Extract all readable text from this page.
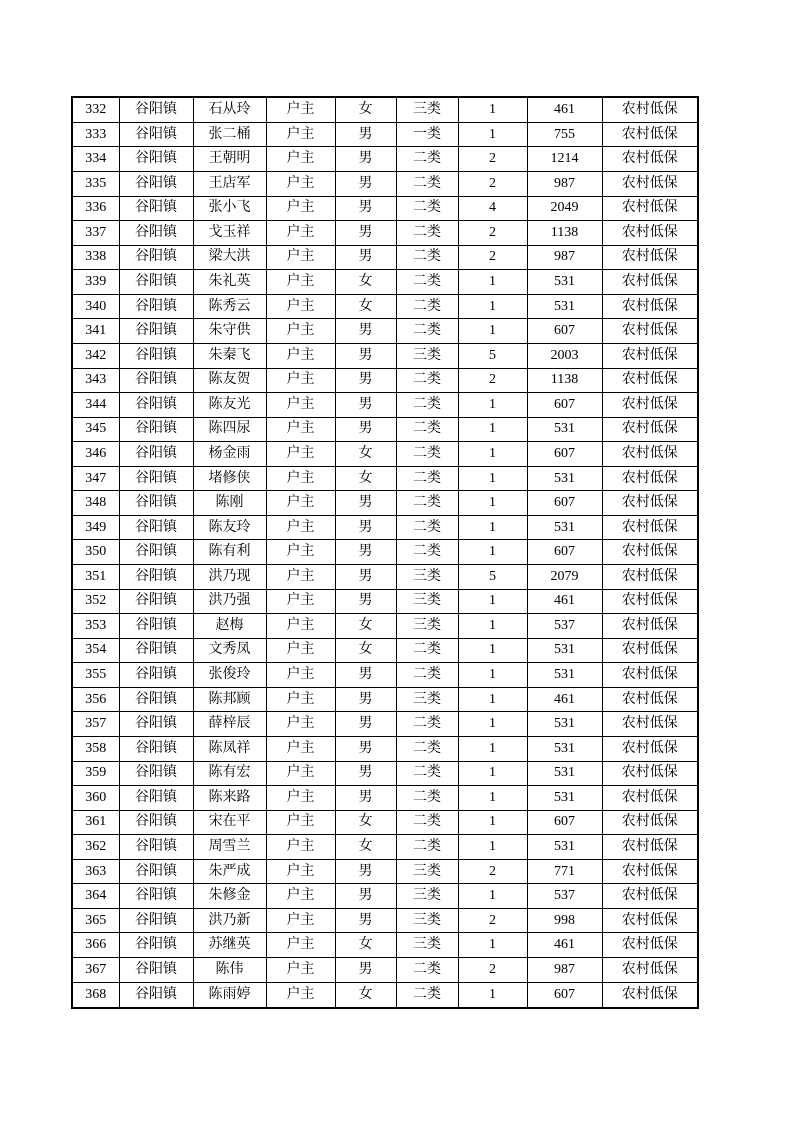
332	谷阳镇	石从玲	户主	女	三类	1	461	农村低保
333	谷阳镇	张二桶	户主	男	一类	1	755	农村低保
334	谷阳镇	王朝明	户主	男	二类	2	1214	农村低保
335	谷阳镇	王店军	户主	男	二类	2	987	农村低保
336	谷阳镇	张小飞	户主	男	二类	4	2049	农村低保
337	谷阳镇	戈玉祥	户主	男	二类	2	1138	农村低保
338	谷阳镇	梁大洪	户主	男	二类	2	987	农村低保
339	谷阳镇	朱礼英	户主	女	二类	1	531	农村低保
340	谷阳镇	陈秀云	户主	女	二类	1	531	农村低保
341	谷阳镇	朱守供	户主	男	二类	1	607	农村低保
342	谷阳镇	朱秦飞	户主	男	三类	5	2003	农村低保
343	谷阳镇	陈友贺	户主	男	二类	2	1138	农村低保
344	谷阳镇	陈友光	户主	男	二类	1	607	农村低保
345	谷阳镇	陈四尿	户主	男	二类	1	531	农村低保
346	谷阳镇	杨金雨	户主	女	二类	1	607	农村低保
347	谷阳镇	堵修侠	户主	女	二类	1	531	农村低保
348	谷阳镇	陈刚	户主	男	二类	1	607	农村低保
349	谷阳镇	陈友玲	户主	男	二类	1	531	农村低保
350	谷阳镇	陈有利	户主	男	二类	1	607	农村低保
351	谷阳镇	洪乃现	户主	男	三类	5	2079	农村低保
352	谷阳镇	洪乃强	户主	男	三类	1	461	农村低保
353	谷阳镇	赵梅	户主	女	三类	1	537	农村低保
354	谷阳镇	文秀凤	户主	女	二类	1	531	农村低保
355	谷阳镇	张俊玲	户主	男	二类	1	531	农村低保
356	谷阳镇	陈邦顾	户主	男	三类	1	461	农村低保
357	谷阳镇	薛梓辰	户主	男	二类	1	531	农村低保
358	谷阳镇	陈凤祥	户主	男	二类	1	531	农村低保
359	谷阳镇	陈有宏	户主	男	二类	1	531	农村低保
360	谷阳镇	陈来路	户主	男	二类	1	531	农村低保
361	谷阳镇	宋在平	户主	女	二类	1	607	农村低保
362	谷阳镇	周雪兰	户主	女	二类	1	531	农村低保
363	谷阳镇	朱严成	户主	男	三类	2	771	农村低保
364	谷阳镇	朱修金	户主	男	三类	1	537	农村低保
365	谷阳镇	洪乃新	户主	男	三类	2	998	农村低保
366	谷阳镇	苏继英	户主	女	三类	1	461	农村低保
367	谷阳镇	陈伟	户主	男	二类	2	987	农村低保
368	谷阳镇	陈雨婷	户主	女	二类	1	607	农村低保
